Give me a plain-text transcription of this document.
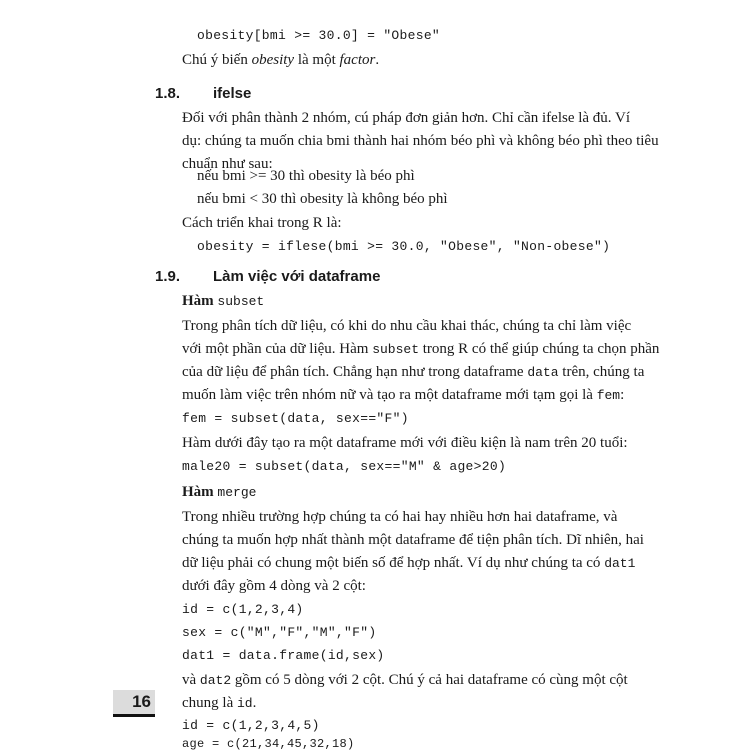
obesity[bmi >= 30.0] = "Obese"
Chú ý biến obesity là một factor.
1.8. ifelse
Đối với phân thành 2 nhóm, cú pháp đơn giản hơn. Chỉ cần ifelse là đủ. Ví
dụ: chúng ta muốn chia bmi thành hai nhóm béo phì và không béo phì theo tiêu
chuẩn như sau:
nếu bmi >= 30 thì obesity là béo phì
nếu bmi < 30 thì obesity là không béo phì
Cách triển khai trong R là:
obesity = iflese(bmi >= 30.0, "Obese", "Non-obese")
1.9. Làm việc với dataframe
Hàm subset
Trong phân tích dữ liệu, có khi do nhu cầu khai thác, chúng ta chỉ làm việc
với một phần của dữ liệu. Hàm subset trong R có thể giúp chúng ta chọn phần
của dữ liệu để phân tích. Chẳng hạn như trong dataframe data trên, chúng ta
muốn làm việc trên nhóm nữ và tạo ra một dataframe mới tạm gọi là fem:
fem = subset(data, sex=="F")
Hàm dưới đây tạo ra một dataframe mới với điều kiện là nam trên 20 tuổi:
male20 = subset(data, sex=="M" & age>20)
Hàm merge
Trong nhiều trường hợp chúng ta có hai hay nhiều hơn hai dataframe, và
chúng ta muốn hợp nhất thành một dataframe để tiện phân tích. Dĩ nhiên, hai
dữ liệu phải có chung một biến số để hợp nhất. Ví dụ như chúng ta có dat1
dưới đây gồm 4 dòng và 2 cột:
id = c(1,2,3,4)
sex = c("M","F","M","F")
dat1 = data.frame(id,sex)
và dat2 gồm có 5 dòng với 2 cột. Chú ý cả hai dataframe có cùng một cột
chung là id.
id = c(1,2,3,4,5)
age = c(21,34,45,32,18)
16
